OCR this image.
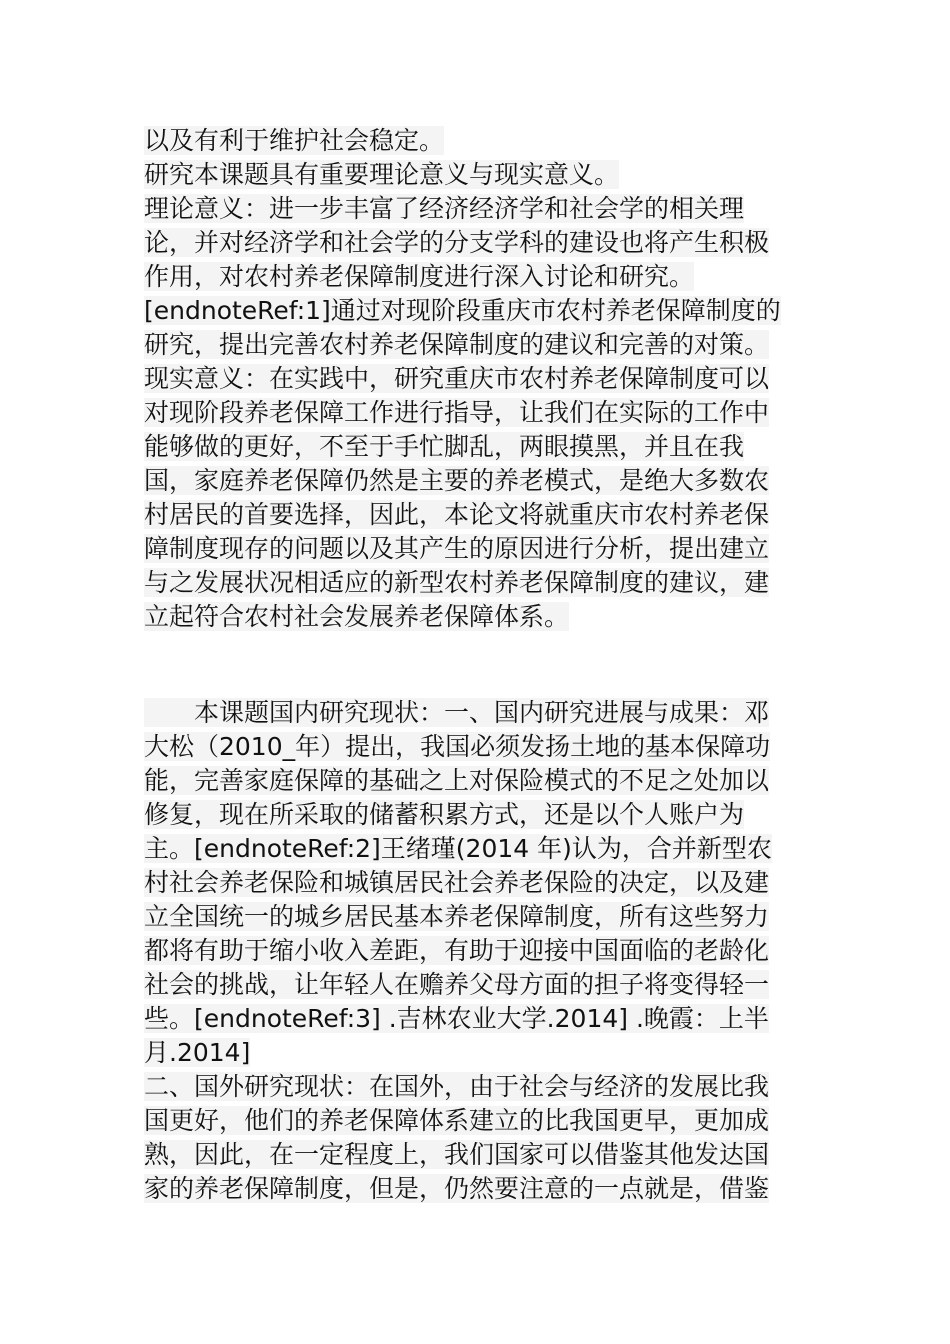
以及有利于维护社会稳定。
研究本课题具有重要理论意义与现实意义。
理论意义：进一步丰富了经济经济学和社会学的相关理
论，并对经济学和社会学的分支学科的建设也将产生积极
作用，对农村养老保障制度进行深入讨论和研究。
[endnoteRef:1]通过对现阶段重庆市农村养老保障制度的
研究，提出完善农村养老保障制度的建议和完善的对策。
现实意义：在实践中，研究重庆市农村养老保障制度可以
对现阶段养老保障工作进行指导，让我们在实际的工作中
能够做的更好，不至于手忙脚乱，两眼摸黑，并且在我
国，家庭养老保障仍然是主要的养老模式，是绝大多数农
村居民的首要选择，因此，本论文将就重庆市农村养老保
障制度现存的问题以及其产生的原因进行分析，提出建立
与之发展状况相适应的新型农村养老保障制度的建议，建
立起符合农村社会发展养老保障体系。
　　本课题国内研究现状：一、国内研究进展与成果：邓
大松（2010_年）提出，我国必须发扬土地的基本保障功
能，完善家庭保障的基础之上对保险模式的不足之处加以
修复，现在所采取的储蓄积累方式，还是以个人账户为
主。[endnoteRef:2]王绪瑾(2014 年)认为，合并新型农
村社会养老保险和城镇居民社会养老保险的决定，以及建
立全国统一的城乡居民基本养老保障制度，所有这些努力
都将有助于缩小收入差距，有助于迎接中国面临的老龄化
社会的挑战，让年轻人在赡养父母方面的担子将变得轻一
些。[endnoteRef:3] .吉林农业大学.2014] .晚霞：上半
月.2014]
二、国外研究现状：在国外，由于社会与经济的发展比我
国更好，他们的养老保障体系建立的比我国更早，更加成
熟，因此，在一定程度上，我们国家可以借鉴其他发达国
家的养老保障制度，但是，仍然要注意的一点就是，借鉴
